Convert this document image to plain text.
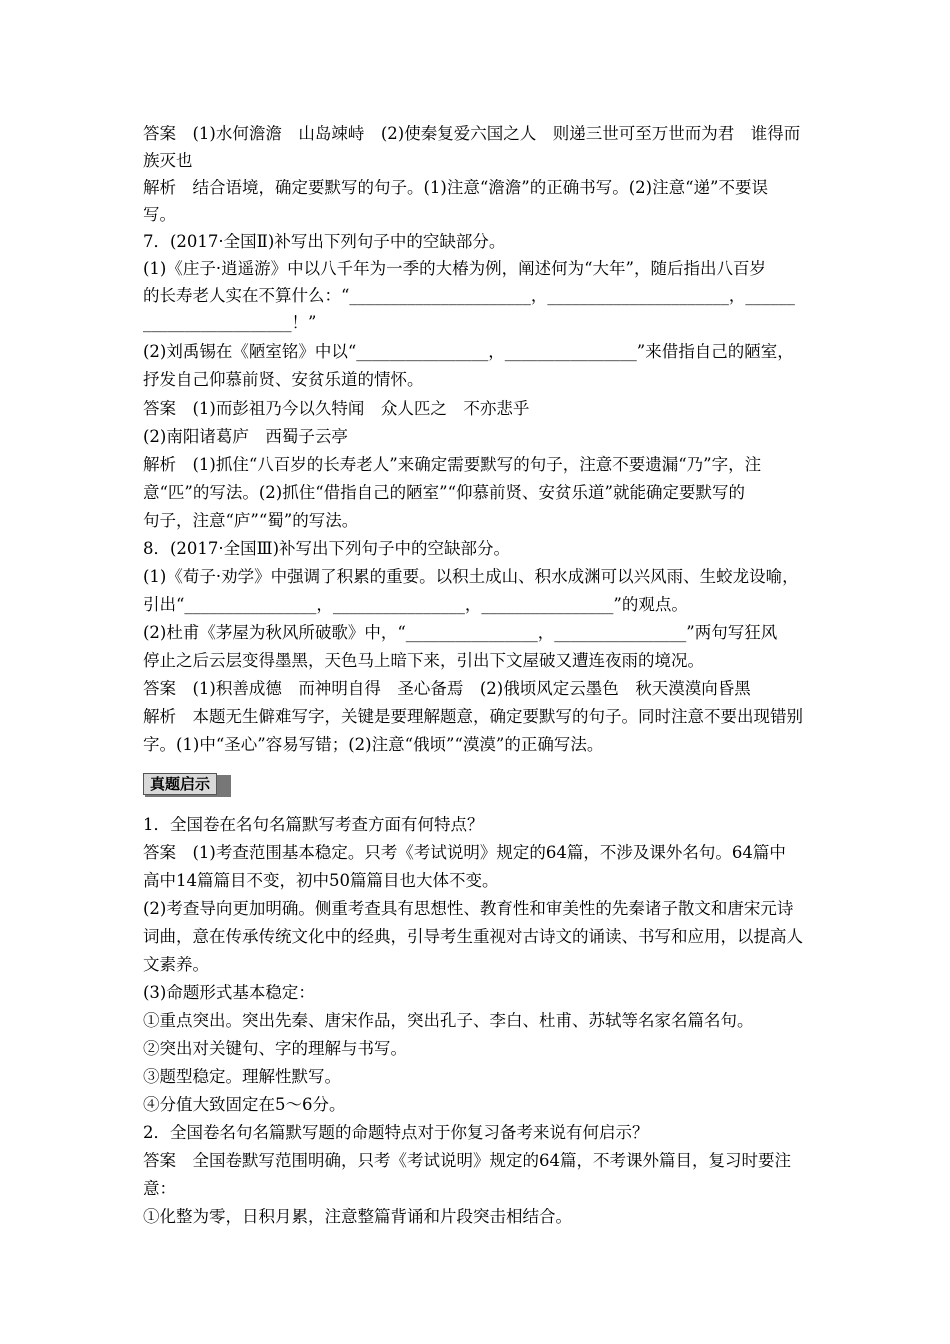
答案　(1)水何澹澹　山岛竦峙　(2)使秦复爱六国之人　则递三世可至万世而为君　谁得而
族灭也
解析　结合语境，确定要默写的句子。(1)注意“澹澹”的正确书写。(2)注意“递”不要误
写。
7．(2017·全国Ⅱ)补写出下列句子中的空缺部分。
(1)《庄子·逍遥游》中以八千年为一季的大椿为例，阐述何为“大年”，随后指出八百岁
的长寿老人实在不算什么：“______________________，______________________，______
__________________！”
(2)刘禹锡在《陋室铭》中以“________________，________________”来借指自己的陋室，
抒发自己仰慕前贤、安贫乐道的情怀。
答案　(1)而彭祖乃今以久特闻　众人匹之　不亦悲乎
(2)南阳诸葛庐　西蜀子云亭
解析　(1)抓住“八百岁的长寿老人”来确定需要默写的句子，注意不要遗漏“乃”字，注
意“匹”的写法。(2)抓住“借指自己的陋室”“仰慕前贤、安贫乐道”就能确定要默写的
句子，注意“庐”“蜀”的写法。
8．(2017·全国Ⅲ)补写出下列句子中的空缺部分。
(1)《荀子·劝学》中强调了积累的重要。以积土成山、积水成渊可以兴风雨、生蛟龙设喻，
引出“________________，________________，________________”的观点。
(2)杜甫《茅屋为秋风所破歌》中，“________________，________________”两句写狂风
停止之后云层变得墨黑，天色马上暗下来，引出下文屋破又遭连夜雨的境况。
答案　(1)积善成德　而神明自得　圣心备焉　(2)俄顷风定云墨色　秋天漠漠向昏黑
解析　本题无生僻难写字，关键是要理解题意，确定要默写的句子。同时注意不要出现错别
字。(1)中“圣心”容易写错；(2)注意“俄顷”“漠漠”的正确写法。
真题启示
1．全国卷在名句名篇默写考查方面有何特点？
答案　(1)考查范围基本稳定。只考《考试说明》规定的64篇，不涉及课外名句。64篇中
高中14篇篇目不变，初中50篇篇目也大体不变。
(2)考查导向更加明确。侧重考查具有思想性、教育性和审美性的先秦诸子散文和唐宋元诗
词曲，意在传承传统文化中的经典，引导考生重视对古诗文的诵读、书写和应用，以提高人
文素养。
(3)命题形式基本稳定：
①重点突出。突出先秦、唐宋作品，突出孔子、李白、杜甫、苏轼等名家名篇名句。
②突出对关键句、字的理解与书写。
③题型稳定。理解性默写。
④分值大致固定在5～6分。
2．全国卷名句名篇默写题的命题特点对于你复习备考来说有何启示？
答案　全国卷默写范围明确，只考《考试说明》规定的64篇，不考课外篇目，复习时要注
意：
①化整为零，日积月累，注意整篇背诵和片段突击相结合。
